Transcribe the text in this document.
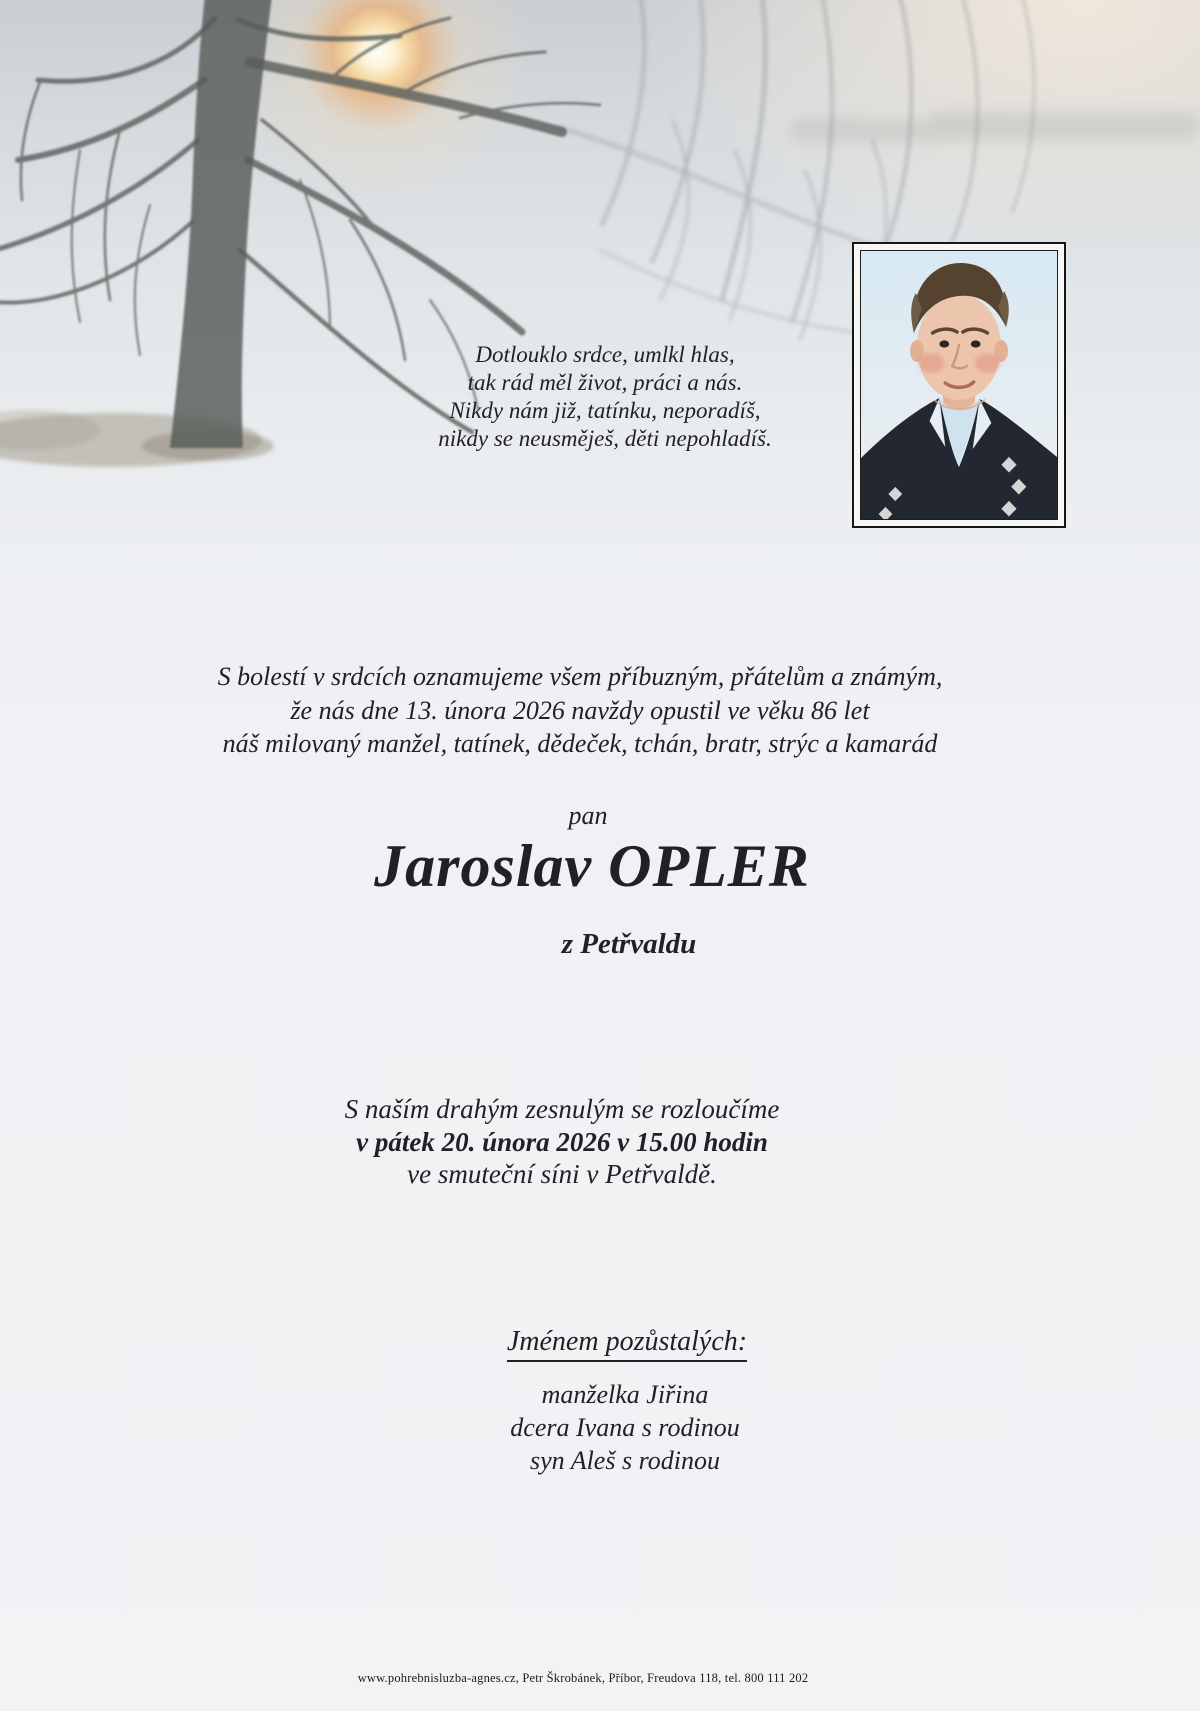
Dotlouklo srdce, umlkl hlas,

tak rád měl život, práci a nás.

Nikdy nám již, tatínku, neporadíš,

nikdy se neusměješ, děti nepohladíš.

S bolestí v srdcích oznamujeme všem příbuzným, přátelům a známým,

že nás dne 13. února 2026 navždy opustil ve věku 86 let

náš milovaný manžel, tatínek, dědeček, tchán, bratr, strýc a kamarád

pan

Jaroslav OPLER

z Petřvaldu

S naším drahým zesnulým se rozloučíme

v pátek 20. února 2026 v 15.00 hodin

ve smuteční síni v Petřvaldě.

Jménem pozůstalých:

manželka Jiřina

dcera Ivana s rodinou

syn Aleš s rodinou

www.pohrebnisluzba-agnes.cz, Petr Škrobánek, Příbor, Freudova 118, tel. 800 111 202
